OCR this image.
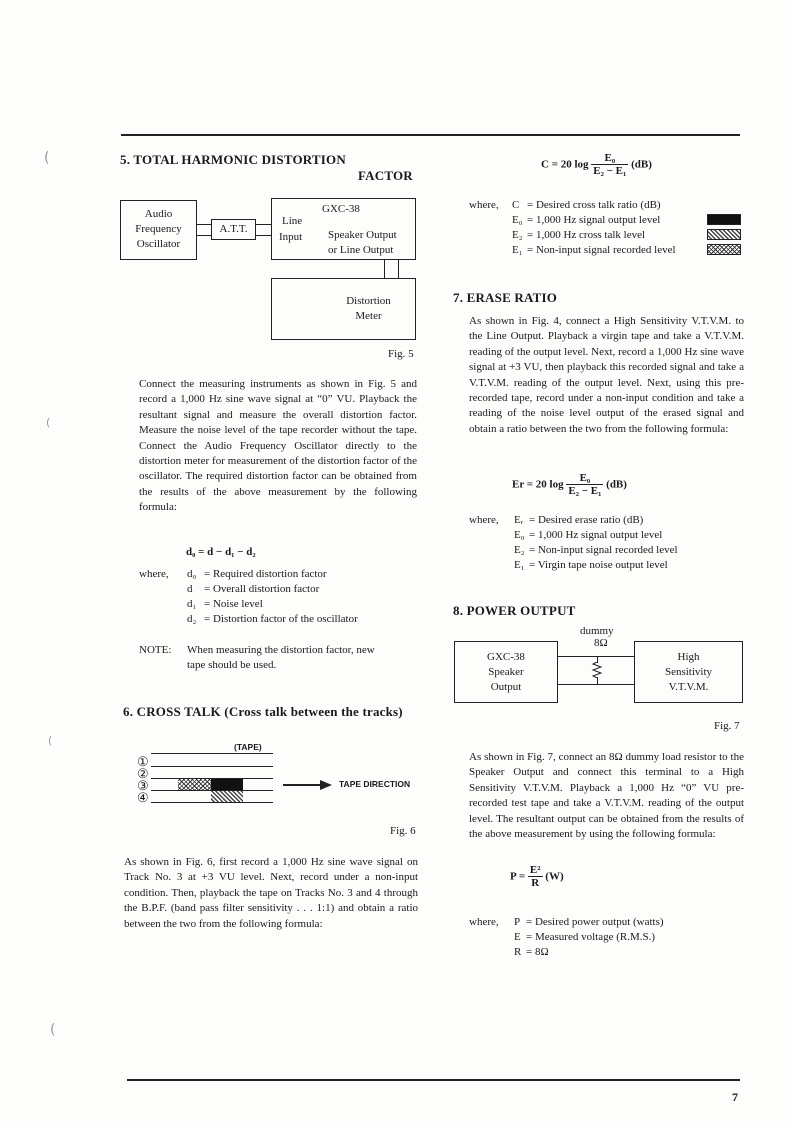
(
(
(
(
5. TOTAL HARMONIC DISTORTION
FACTOR
Audio
Frequency
Oscillator
A.T.T.
GXC-38
Line
Input Speaker Output
or Line Output
Distortion
Meter
Fig. 5

Connect the measuring instruments as shown in Fig. 5 and record a 1,000 Hz sine wave signal at “0” VU. Playback the resultant signal and measure the overall distortion factor. Measure the noise level of the tape recorder without the tape. Connect the Audio Frequency Oscillator directly to the distortion meter for measurement of the distortion factor of the oscillator. The required distortion factor can be obtained from the results of the above measurement by the following formula:

d₀ = d − d₁ − d₂
where, d₀ = Required distortion factor
d = Overall distortion factor
d₁ = Noise level
d₂ = Distortion factor of the oscillator
NOTE: When measuring the distortion factor, new
tape should be used.
6. CROSS TALK (Cross talk between the tracks)
(TAPE)
①
②
③
④
TAPE DIRECTION
Fig. 6

As shown in Fig. 6, first record a 1,000 Hz sine wave signal on Track No. 3 at +3 VU level. Next, record under a non-input condition. Then, playback the tape on Tracks No. 3 and 4 through the B.P.F. (band pass filter sensitivity . . . 1:1) and obtain a ratio between the two from the following formula:

C = 20 $\log \frac{\text{E₀}}{\text{E₂ − E₁}} (dB)$
where, C = Desired cross talk ratio (dB)
E₀ = 1,000 Hz signal output level
E₂ = 1,000 Hz cross talk level
E₁ = Non-input signal recorded level
7. ERASE RATIO

As shown in Fig. 4, connect a High Sensitivity V.T.V.M. to the Line Output. Playback a virgin tape and take a V.T.V.M. reading of the output level. Next, record a 1,000 Hz sine wave signal at +3 VU, then playback this recorded signal and take a V.T.V.M. reading of the output level. Next, using this pre-recorded tape, record under a non-input condition and take a reading of the noise level output of the erased signal and obtain a ratio between the two from the following formula:

Er = 20 $\log \frac{\text{E₀}}{\text{E₂ − E₁}} (dB)$
where, Eᵣ = Desired erase ratio (dB)
E₀ = 1,000 Hz signal output level
E₂ = Non-input signal recorded level
E₁ = Virgin tape noise output level
8. POWER OUTPUT
dummy
8Ω
GXC-38
Speaker
Output
High
Sensitivity
V.T.V.M.
Fig. 7

As shown in Fig. 7, connect an 8Ω dummy load resistor to the Speaker Output and connect this terminal to a High Sensitivity V.T.V.M. Playback a 1,000 Hz “0” VU pre-recorded test tape and take a V.T.V.M. reading of the output level. The resultant output can be obtained from the results of the above measurement by using the following formula:

$P = \frac{\text{E²}}{R} (W)$
where, P = Desired power output (watts)
E = Measured voltage (R.M.S.)
R = 8Ω
7
